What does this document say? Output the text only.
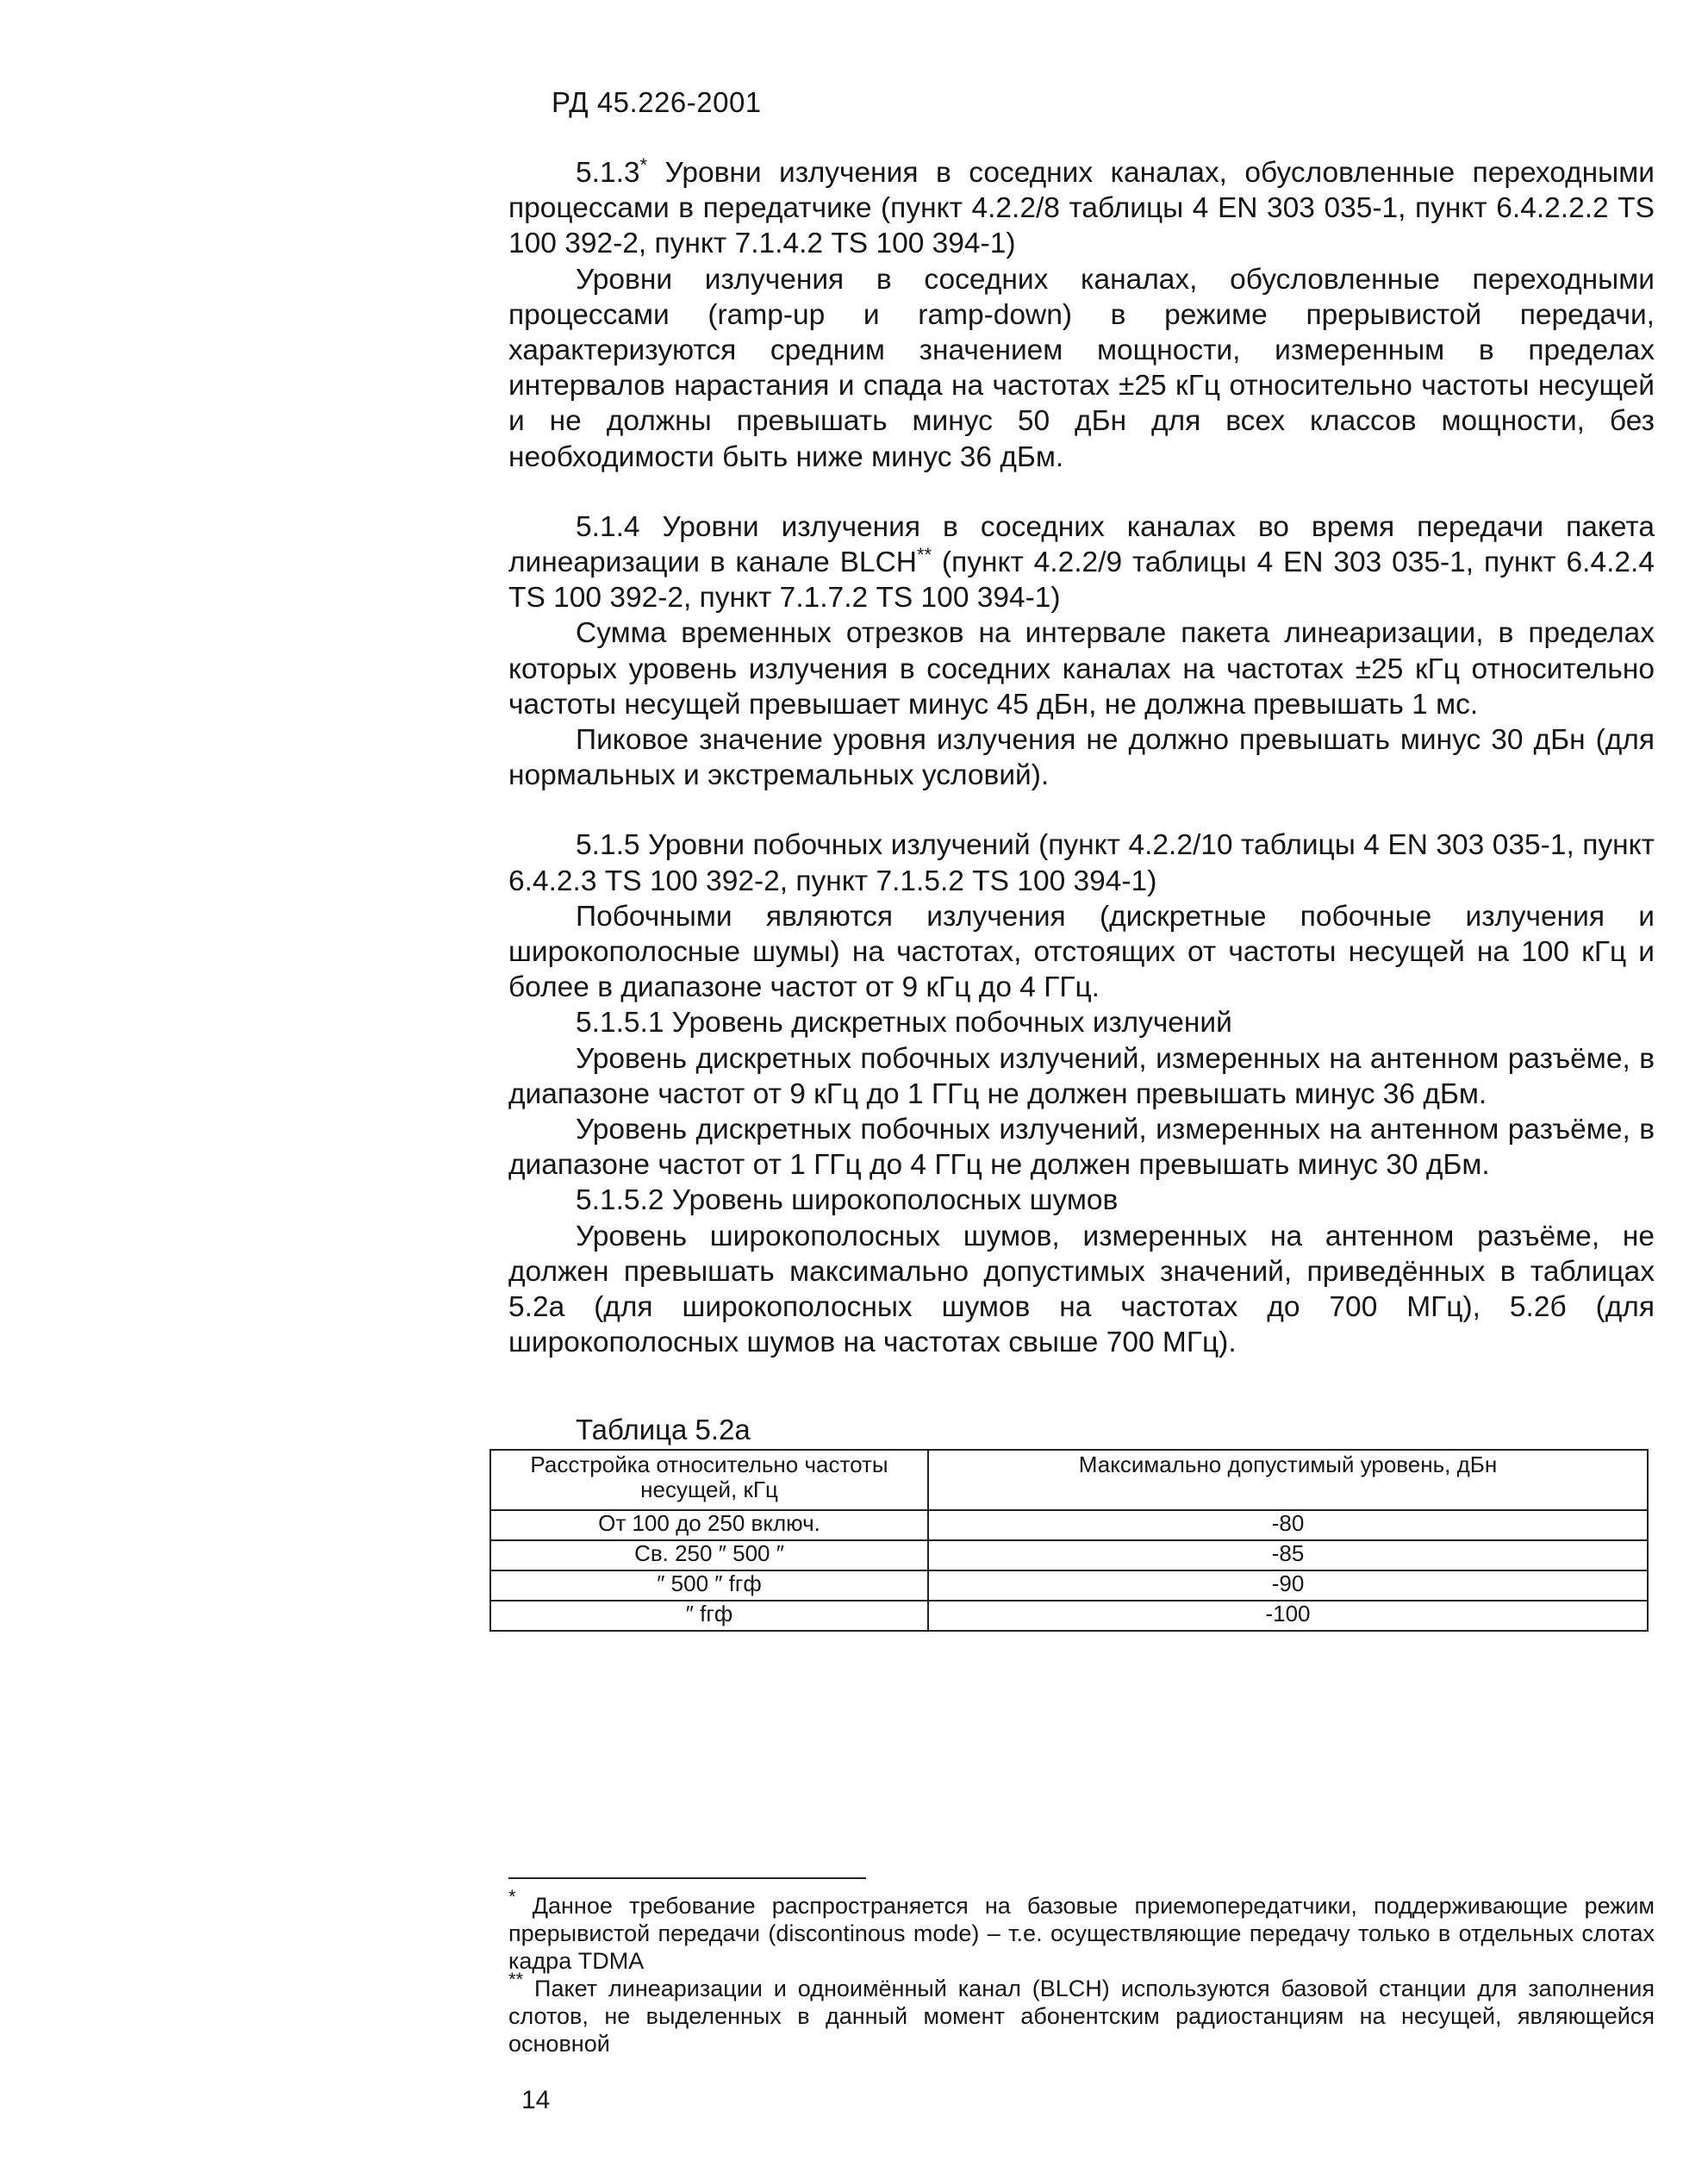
РД 45.226-2001

5.1.3* Уровни излучения в соседних каналах, обусловленные переходными процессами в передатчике (пункт 4.2.2/8 таблицы 4 EN 303 035-1, пункт 6.4.2.2.2 TS 100 392-2, пункт 7.1.4.2 TS 100 394-1)

Уровни излучения в соседних каналах, обусловленные переходными процессами (ramp-up и ramp-down) в режиме прерывистой передачи, характеризуются средним значением мощности, измеренным в пределах интервалов нарастания и спада на частотах ±25 кГц относительно частоты несущей и не должны превышать минус 50 дБн для всех классов мощности, без необходимости быть ниже минус 36 дБм.

5.1.4 Уровни излучения в соседних каналах во время передачи пакета линеаризации в канале BLCH** (пункт 4.2.2/9 таблицы 4 EN 303 035-1, пункт 6.4.2.4 TS 100 392-2, пункт 7.1.7.2 TS 100 394-1)

Сумма временных отрезков на интервале пакета линеаризации, в пределах которых уровень излучения в соседних каналах на частотах ±25 кГц относительно частоты несущей превышает минус 45 дБн, не должна превышать 1 мс.

Пиковое значение уровня излучения не должно превышать минус 30 дБн (для нормальных и экстремальных условий).

5.1.5 Уровни побочных излучений (пункт 4.2.2/10 таблицы 4 EN 303 035-1, пункт 6.4.2.3 TS 100 392-2, пункт 7.1.5.2 TS 100 394-1)

Побочными являются излучения (дискретные побочные излучения и широкополосные шумы) на частотах, отстоящих от частоты несущей на 100 кГц и более в диапазоне частот от 9 кГц до 4 ГГц.

5.1.5.1 Уровень дискретных побочных излучений

Уровень дискретных побочных излучений, измеренных на антенном разъёме, в диапазоне частот от 9 кГц до 1 ГГц не должен превышать минус 36 дБм.

Уровень дискретных побочных излучений, измеренных на антенном разъёме, в диапазоне частот от 1 ГГц до 4 ГГц не должен превышать минус 30 дБм.

5.1.5.2 Уровень широкополосных шумов

Уровень широкополосных шумов, измеренных на антенном разъёме, не должен превышать максимально допустимых значений, приведённых в таблицах 5.2а (для широкополосных шумов на частотах до 700 МГц), 5.2б (для широкополосных шумов на частотах свыше 700 МГц).

Таблица 5.2а
Расстройка относительно частоты несущей, кГц	Максимально допустимый уровень, дБн
От 100 до 250 включ.	-80
Св. 250 ″ 500 ″	-85
″ 500 ″ fгф	-90
″ fгф	-100

* Данное требование распространяется на базовые приемопередатчики, поддерживающие режим прерывистой передачи (discontinous mode) – т.е. осуществляющие передачу только в отдельных слотах кадра TDMA

** Пакет линеаризации и одноимённый канал (BLCH) используются базовой станции для заполнения слотов, не выделенных в данный момент абонентским радиостанциям на несущей, являющейся основной

14
